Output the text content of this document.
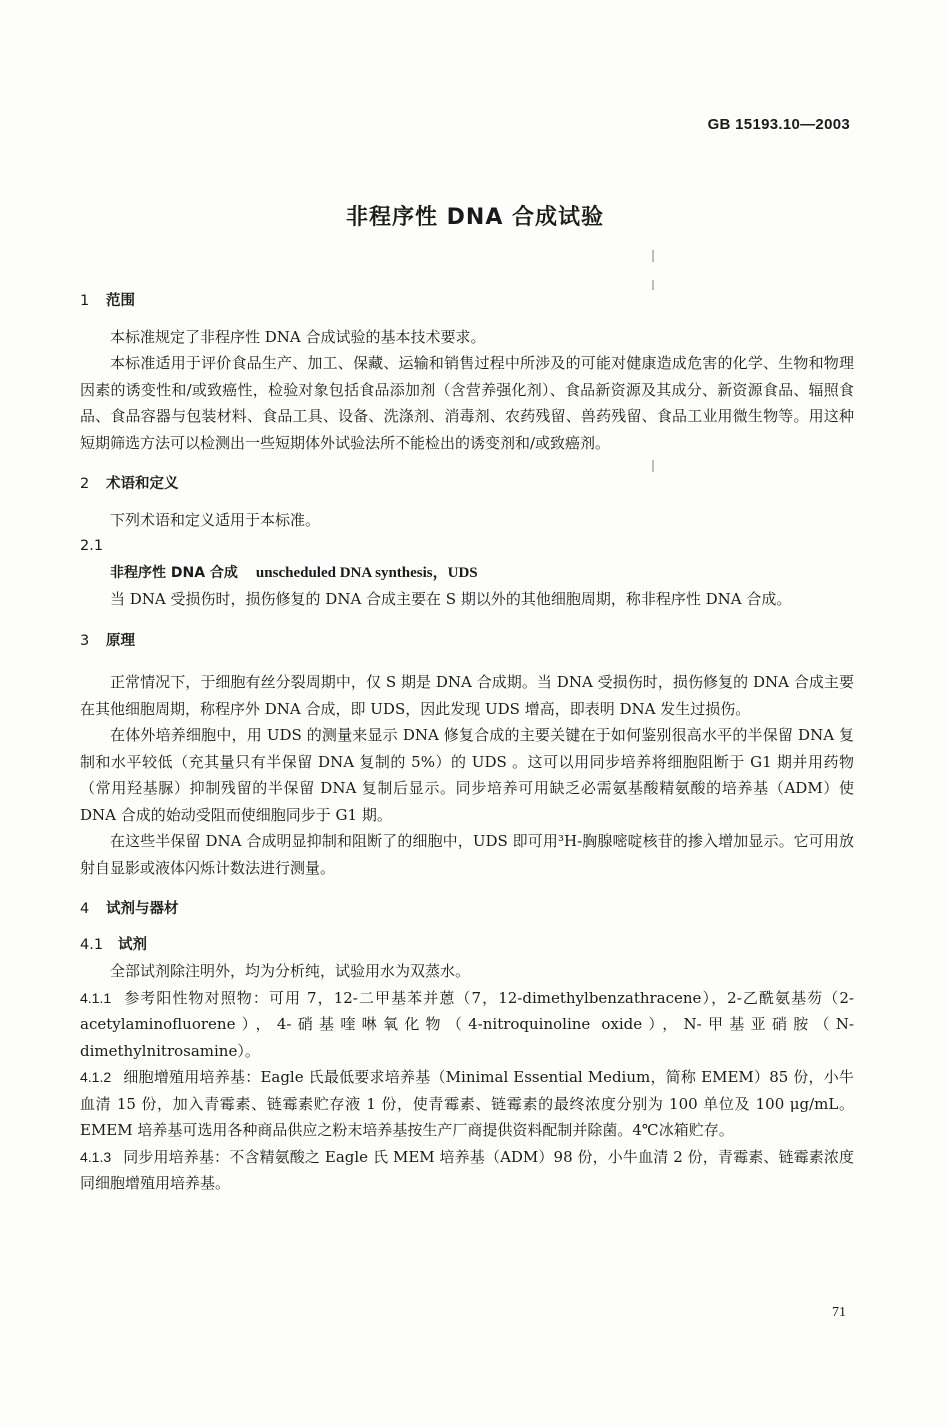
GB 15193.10—2003
非程序性 DNA 合成试验
1 范围

本标准规定了非程序性 DNA 合成试验的基本技术要求。

本标准适用于评价食品生产、加工、保藏、运输和销售过程中所涉及的可能对健康造成危害的化学、生物和物理因素的诱变性和/或致癌性，检验对象包括食品添加剂（含营养强化剂）、食品新资源及其成分、新资源食品、辐照食品、食品容器与包装材料、食品工具、设备、洗涤剂、消毒剂、农药残留、兽药残留、食品工业用微生物等。用这种短期筛选方法可以检测出一些短期体外试验法所不能检出的诱变剂和/或致癌剂。

2 术语和定义

下列术语和定义适用于本标准。

2.1
非程序性 DNA 合成 unscheduled DNA synthesis，UDS

当 DNA 受损伤时，损伤修复的 DNA 合成主要在 S 期以外的其他细胞周期，称非程序性 DNA 合成。

3 原理

正常情况下，于细胞有丝分裂周期中，仅 S 期是 DNA 合成期。当 DNA 受损伤时，损伤修复的 DNA 合成主要在其他细胞周期，称程序外 DNA 合成，即 UDS，因此发现 UDS 增高，即表明 DNA 发生过损伤。

在体外培养细胞中，用 UDS 的测量来显示 DNA 修复合成的主要关键在于如何鉴别很高水平的半保留 DNA 复制和水平较低（充其量只有半保留 DNA 复制的 5%）的 UDS 。这可以用同步培养将细胞阻断于 G1 期并用药物（常用羟基脲）抑制残留的半保留 DNA 复制后显示。同步培养可用缺乏必需氨基酸精氨酸的培养基（ADM）使 DNA 合成的始动受阻而使细胞同步于 G1 期。

在这些半保留 DNA 合成明显抑制和阻断了的细胞中，UDS 即可用³H-胸腺嘧啶核苷的掺入增加显示。它可用放射自显影或液体闪烁计数法进行测量。

4 试剂与器材
4.1 试剂

全部试剂除注明外，均为分析纯，试验用水为双蒸水。

4.1.1 参考阳性物对照物：可用 7，12-二甲基苯并蒽（7，12-dimethylbenzathracene），2-乙酰氨基芴（2-acetylaminofluorene），4-硝基喹啉氧化物（4-nitroquinoline oxide），N-甲基亚硝胺（N-dimethylnitrosamine）。

4.1.2 细胞增殖用培养基：Eagle 氏最低要求培养基（Minimal Essential Medium，简称 EMEM）85 份，小牛血清 15 份，加入青霉素、链霉素贮存液 1 份，使青霉素、链霉素的最终浓度分别为 100 单位及 100 μg/mL。EMEM 培养基可选用各种商品供应之粉末培养基按生产厂商提供资料配制并除菌。4℃冰箱贮存。

4.1.3 同步用培养基：不含精氨酸之 Eagle 氏 MEM 培养基（ADM）98 份，小牛血清 2 份，青霉素、链霉素浓度同细胞增殖用培养基。

71
